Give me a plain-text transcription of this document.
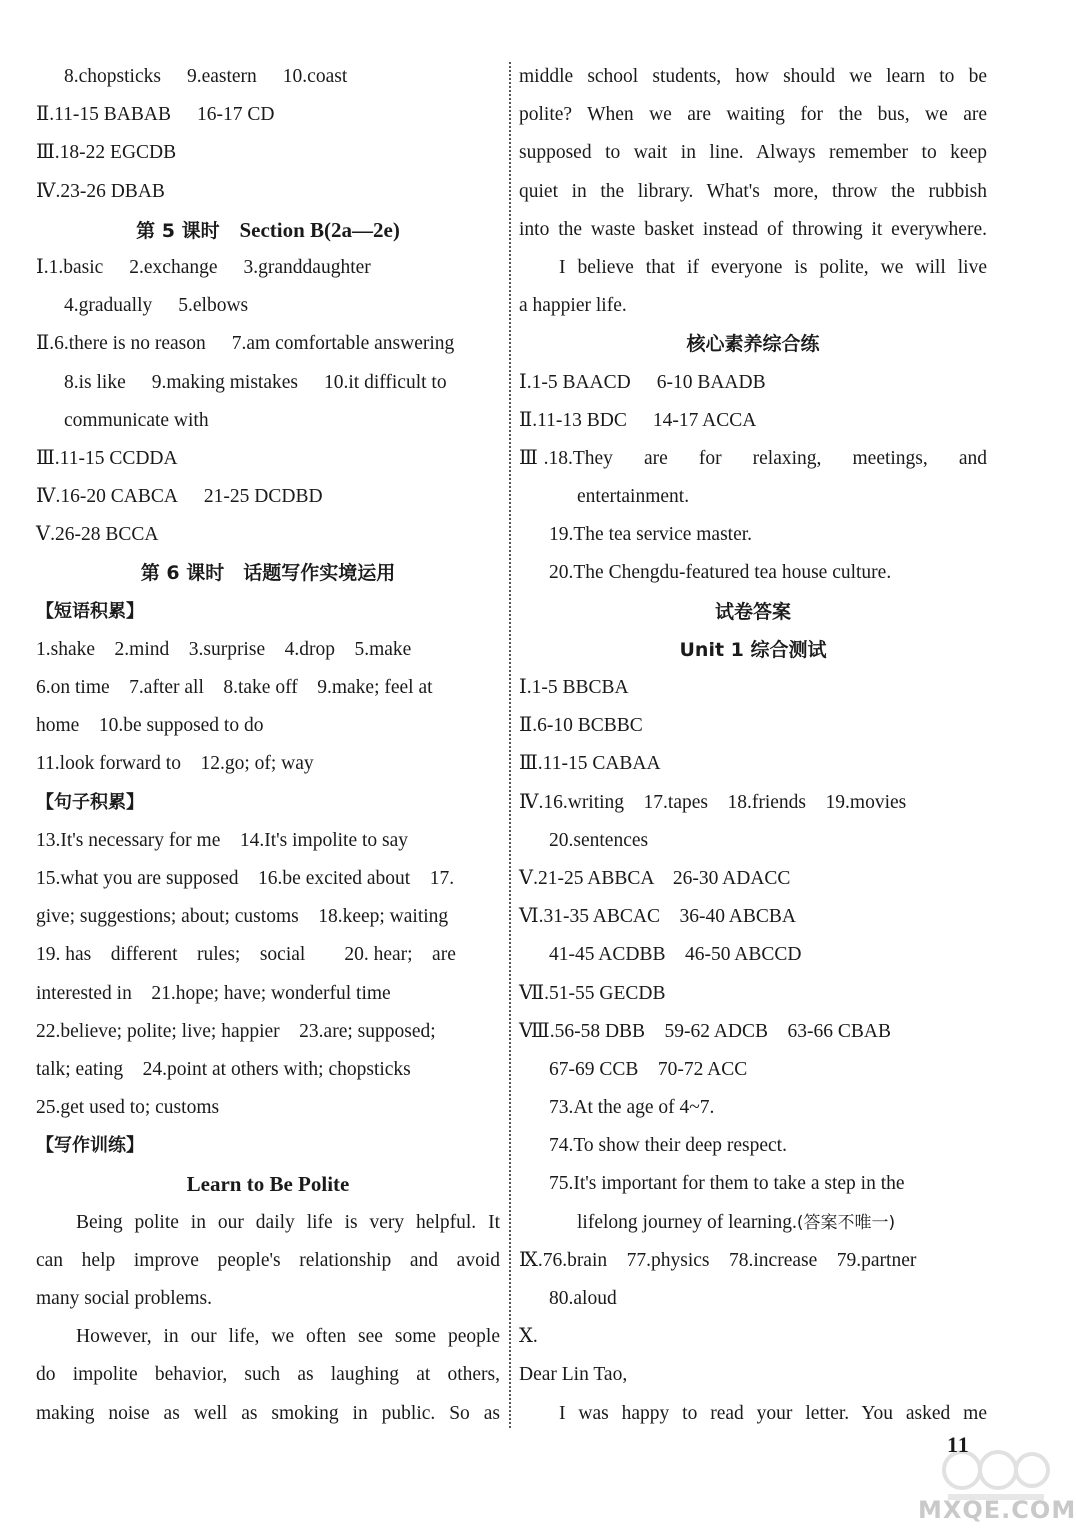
8.chopsticks 9.eastern 10.coast
Ⅱ.11-15 BABAB 16-17 CD
Ⅲ.18-22 EGCDB
Ⅳ.23-26 DBAB
第 5 课时 Section B(2a—2e)
Ⅰ.1.basic 2.exchange 3.granddaughter
4.gradually 5.elbows
Ⅱ.6.there is no reason 7.am comfortable answering
8.is like 9.making mistakes 10.it difficult to
communicate with
Ⅲ.11-15 CCDDA
Ⅳ.16-20 CABCA 21-25 DCDBD
Ⅴ.26-28 BCCA
第 6 课时　话题写作实境运用
【短语积累】
1.shake　2.mind　3.surprise　4.drop　5.make
6.on time　7.after all　8.take off　9.make; feel at
home　10.be supposed to do
11.look forward to　12.go; of; way
【句子积累】
13.It's necessary for me　14.It's impolite to say
15.what you are supposed　16.be excited about　17.
give; suggestions; about; customs　18.keep; waiting
19. has　different　rules;　social　　20. hear;　are
interested in　21.hope; have; wonderful time
22.believe; polite; live; happier　23.are; supposed;
talk; eating　24.point at others with; chopsticks
25.get used to; customs
【写作训练】
Learn to Be Polite
Being polite in our daily life is very helpful. It
can help improve people's relationship and avoid
many social problems.
However, in our life, we often see some people
do impolite behavior, such as laughing at others,
making noise as well as smoking in public. So as
middle school students, how should we learn to be
polite? When we are waiting for the bus, we are
supposed to wait in line. Always remember to keep
quiet in the library. What's more, throw the rubbish
into the waste basket instead of throwing it everywhere.
I believe that if everyone is polite, we will live
a happier life.
核心素养综合练
Ⅰ.1-5 BAACD 6-10 BAADB
Ⅱ.11-13 BDC 14-17 ACCA
Ⅲ.18.They　are　for　relaxing,　meetings,　and
entertainment.
19.The tea service master.
20.The Chengdu-featured tea house culture.
试卷答案
Unit 1 综合测试
Ⅰ.1-5 BBCBA
Ⅱ.6-10 BCBBC
Ⅲ.11-15 CABAA
Ⅳ.16.writing　17.tapes　18.friends　19.movies
20.sentences
Ⅴ.21-25 ABBCA　26-30 ADACC
Ⅵ.31-35 ABCAC　36-40 ABCBA
41-45 ACDBB　46-50 ABCCD
Ⅶ.51-55 GECDB
Ⅷ.56-58 DBB　59-62 ADCB　63-66 CBAB
67-69 CCB　70-72 ACC
73.At the age of 4~7.
74.To show their deep respect.
75.It's important for them to take a step in the
lifelong journey of learning.(答案不唯一)
Ⅸ.76.brain　77.physics　78.increase　79.partner
80.aloud
Ⅹ.
Dear Lin Tao,
I was happy to read your letter. You asked me
11
MXQE.COM
